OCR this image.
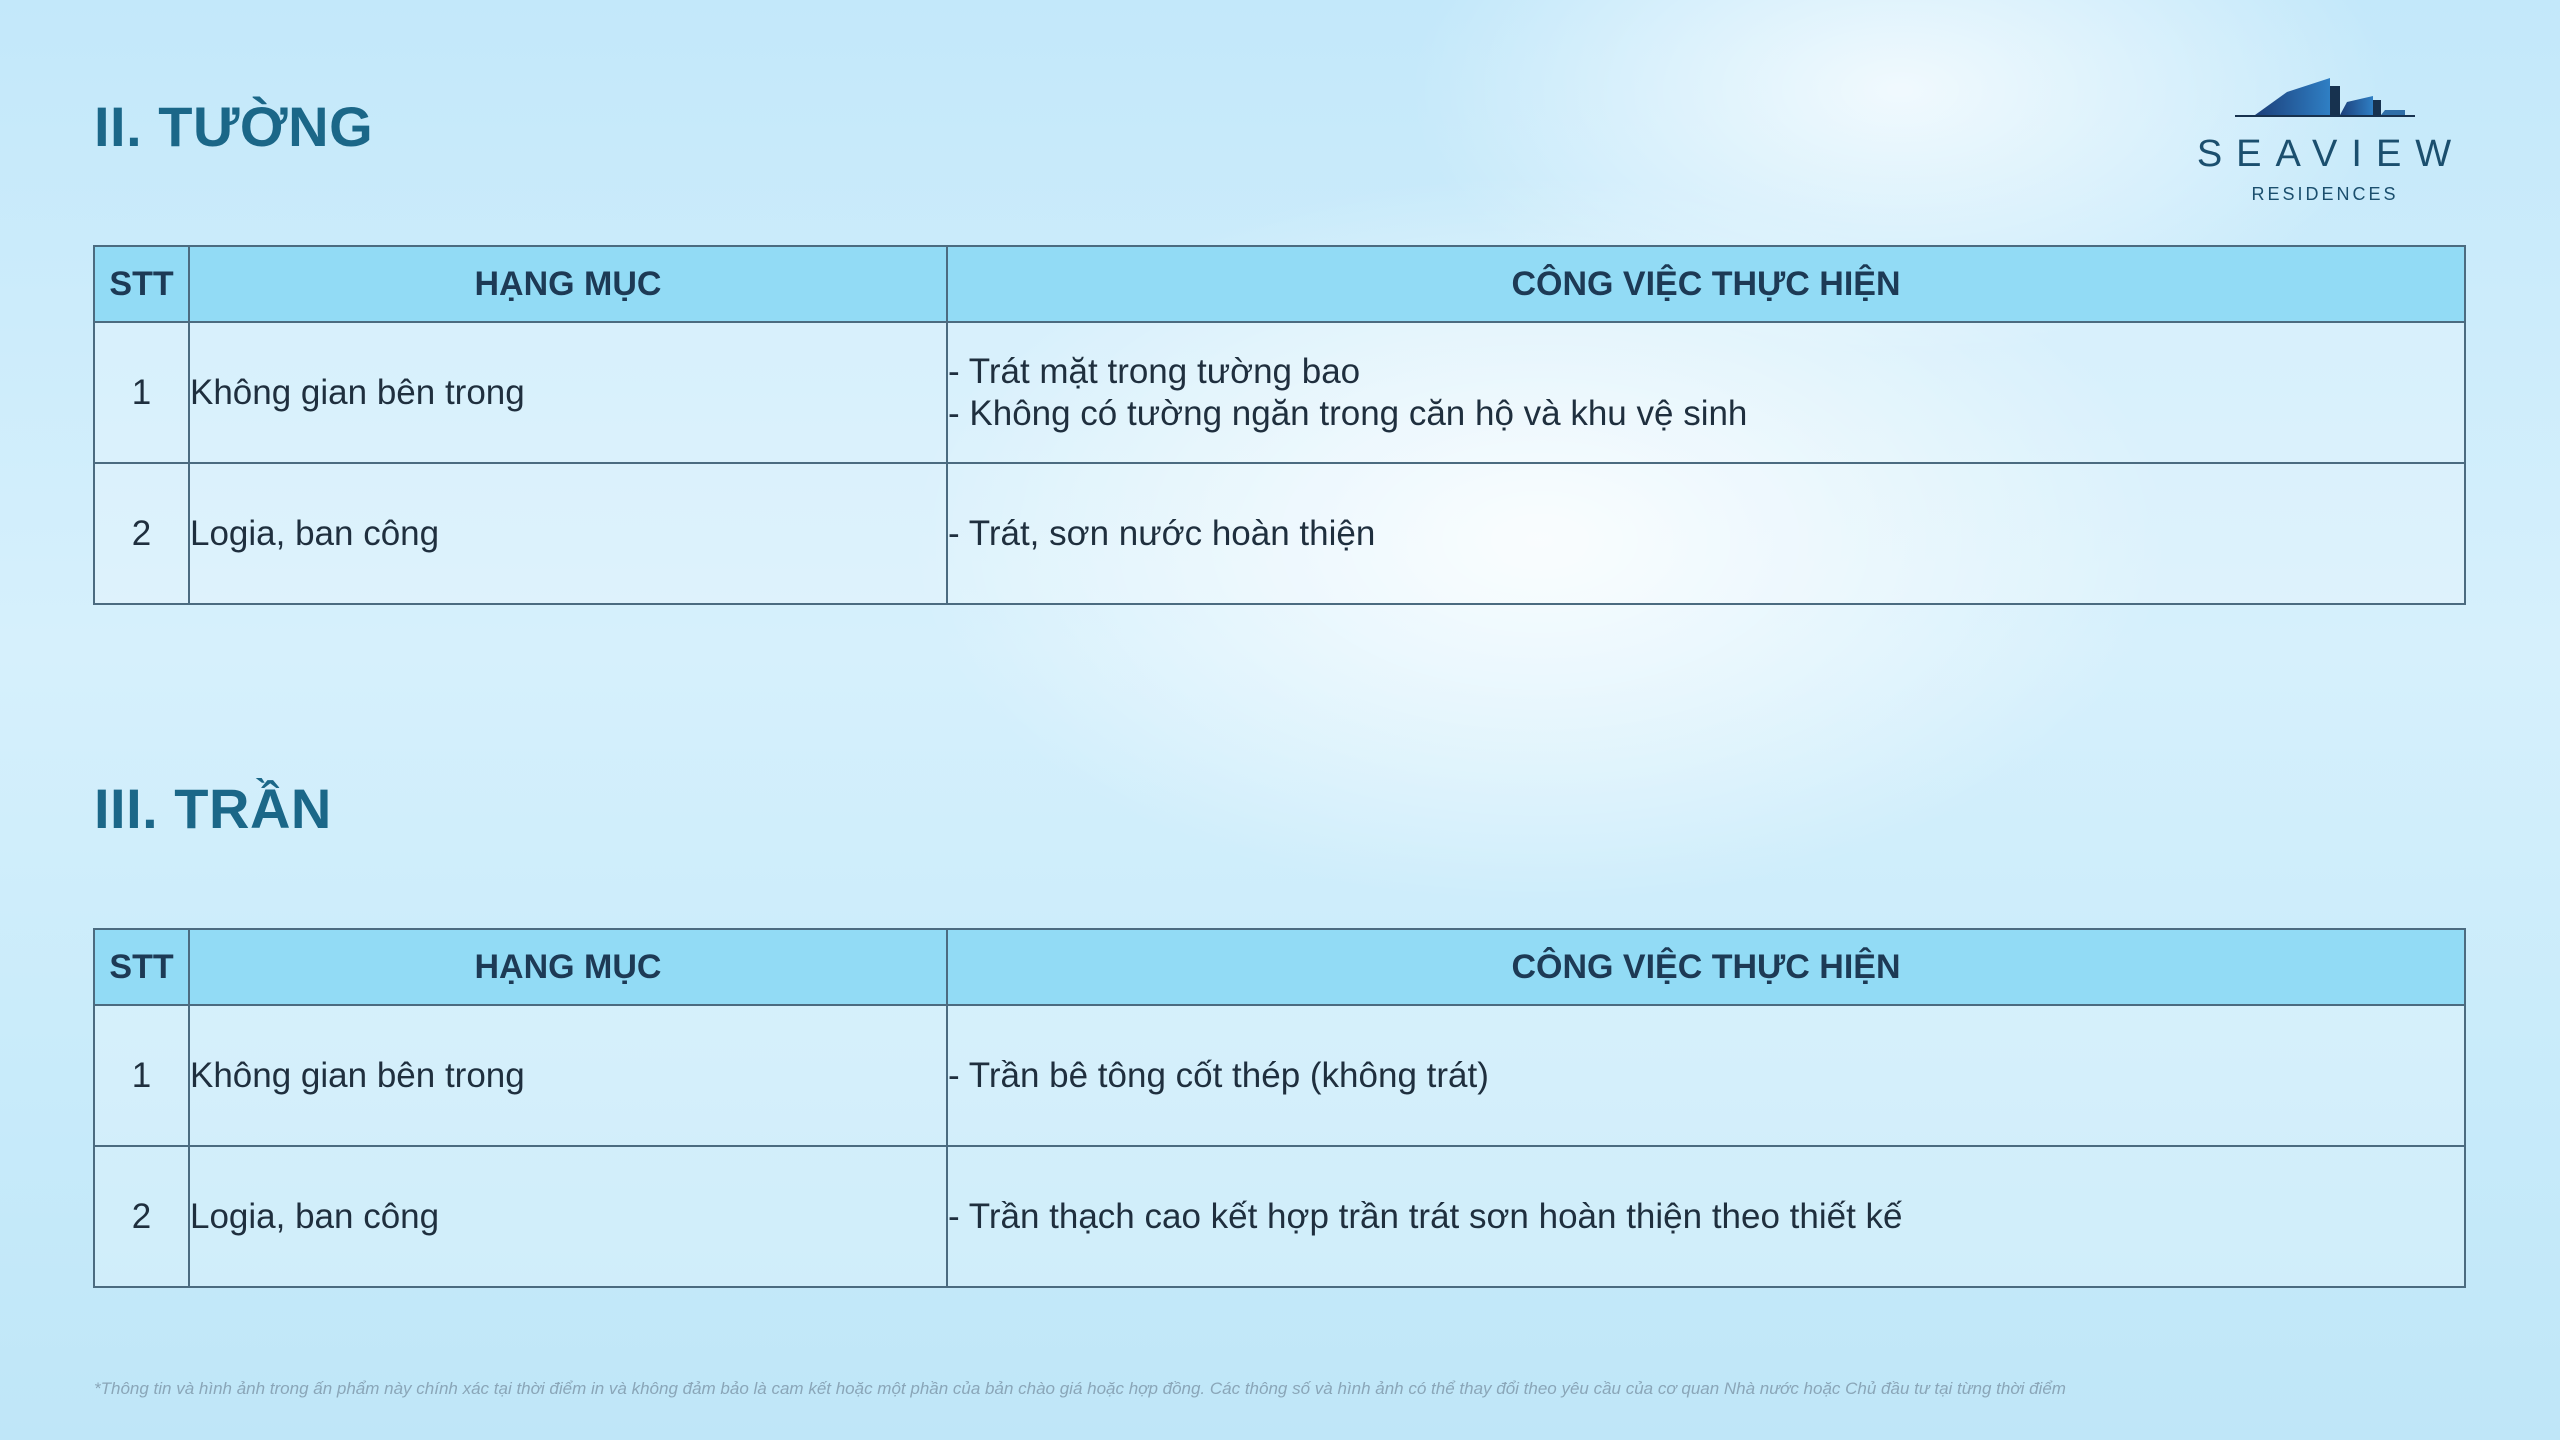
II. TƯỜNG	SEAVIEW
RESIDENCES
STT	HẠNG MỤC	CÔNG VIỆC THỰC HIỆN
1	Không gian bên trong	- Trát mặt trong tường bao
- Không có tường ngăn trong căn hộ và khu vệ sinh

2	Logia, ban công	- Trát, sơn nước hoàn thiện
III. TRẦN
STT	HẠNG MỤC	CÔNG VIỆC THỰC HIỆN
1	Không gian bên trong	- Trần bê tông cốt thép (không trát)

2	Logia, ban công	- Trần thạch cao kết hợp trần trát sơn hoàn thiện theo thiết kế
*Thông tin và hình ảnh trong ấn phẩm này chính xác tại thời điểm in và không đảm bảo là cam kết hoặc một phần của bản chào giá hoặc hợp đồng. Các thông số và hình ảnh có thể thay đổi theo yêu cầu của cơ quan Nhà nước hoặc Chủ đầu tư tại từng thời điểm
